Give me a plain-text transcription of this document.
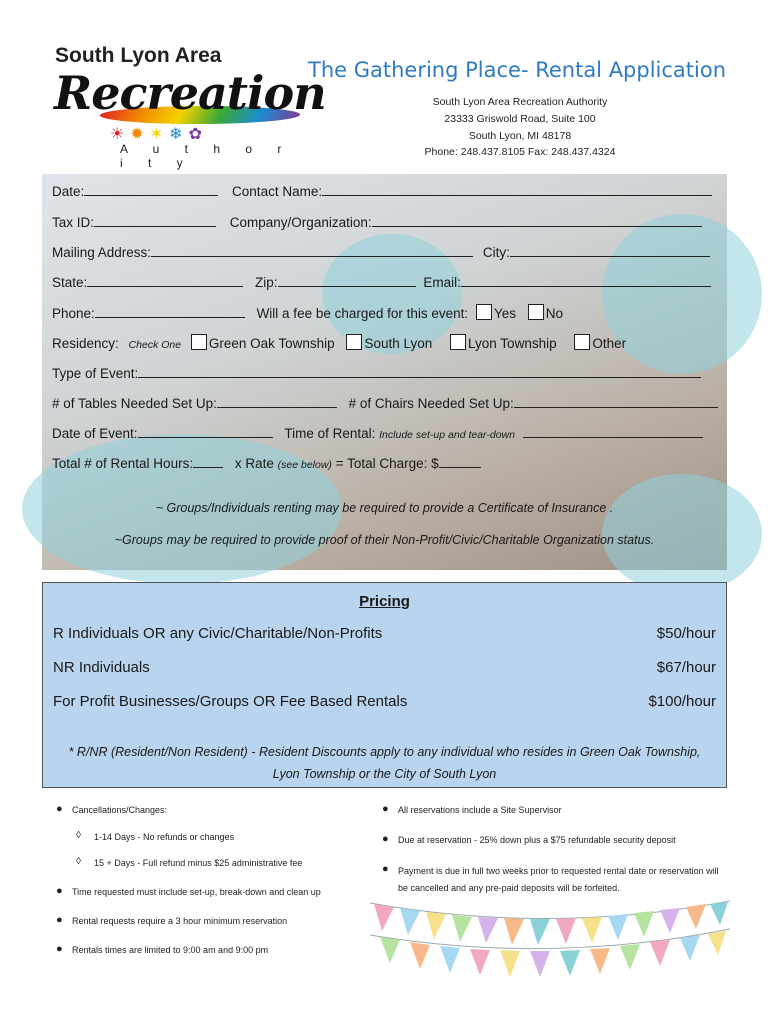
South Lyon Area
Recreation
☀✹✶❄✿
A u t h o r i t y
The Gathering Place- Rental Application
South Lyon Area Recreation Authority
23333 Griswold Road, Suite 100
South Lyon, MI 48178
Phone: 248.437.8105 Fax: 248.437.4324
Date:	Contact Name:
Tax ID:	Company/Organization:
Mailing Address:	City:
State:	Zip:	Email:
Phone:	Will a fee be charged for this event: Yes No
Residency: Check One Green Oak Township South Lyon	Lyon Township	Other
Type of Event:
# of Tables Needed Set Up:	# of Chairs Needed Set Up:
Date of Event:	Time of Rental: Include set-up and tear-down
Total # of Rental Hours:	x Rate (see below) = Total Charge: $
~ Groups/Individuals renting may be required to provide a Certificate of Insurance .
~Groups may be required to provide proof of their Non-Profit/Civic/Charitable Organization status.
Pricing
R Individuals OR any Civic/Charitable/Non-Profits	$50/hour
NR Individuals	$67/hour
For Profit Businesses/Groups OR Fee Based Rentals	$100/hour
* R/NR (Resident/Non Resident) - Resident Discounts apply to any individual who resides in Green Oak Township, Lyon Township or the City of South Lyon
● Cancellations/Changes:
◊ 1-14 Days - No refunds or changes
◊ 15 + Days - Full refund minus $25 administrative fee
● Time requested must include set-up, break-down and clean up
● Rental requests require a 3 hour minimum reservation
● Rentals times are limited to 9:00 am and 9:00 pm
● All reservations include a Site Supervisor
● Due at reservation - 25% down plus a $75 refundable security deposit
● Payment is due in full two weeks prior to requested rental date or reservation will be cancelled and any pre-paid deposits will be forfeited.
